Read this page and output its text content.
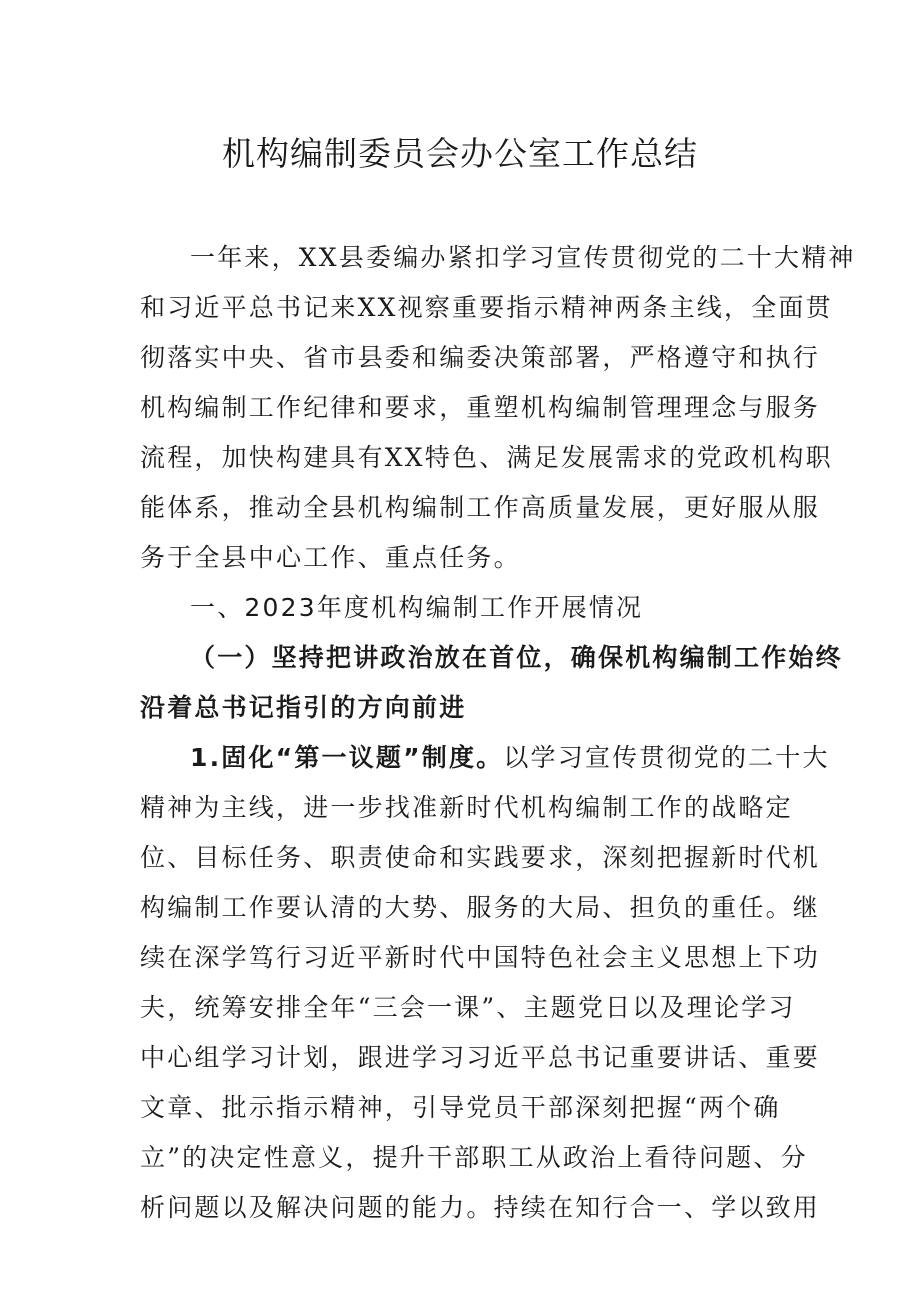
机构编制委员会办公室工作总结
一年来，XX县委编办紧扣学习宣传贯彻党的二十大精神
和习近平总书记来XX视察重要指示精神两条主线，全面贯
彻落实中央、省市县委和编委决策部署，严格遵守和执行
机构编制工作纪律和要求，重塑机构编制管理理念与服务
流程，加快构建具有XX特色、满足发展需求的党政机构职
能体系，推动全县机构编制工作高质量发展，更好服从服
务于全县中心工作、重点任务。
一、2023年度机构编制工作开展情况
（一）坚持把讲政治放在首位，确保机构编制工作始终
沿着总书记指引的方向前进
1.固化“第一议题”制度。以学习宣传贯彻党的二十大
精神为主线，进一步找准新时代机构编制工作的战略定
位、目标任务、职责使命和实践要求，深刻把握新时代机
构编制工作要认清的大势、服务的大局、担负的重任。继
续在深学笃行习近平新时代中国特色社会主义思想上下功
夫，统筹安排全年“三会一课”、主题党日以及理论学习
中心组学习计划，跟进学习习近平总书记重要讲话、重要
文章、批示指示精神，引导党员干部深刻把握“两个确
立”的决定性意义，提升干部职工从政治上看待问题、分
析问题以及解决问题的能力。持续在知行合一、学以致用
